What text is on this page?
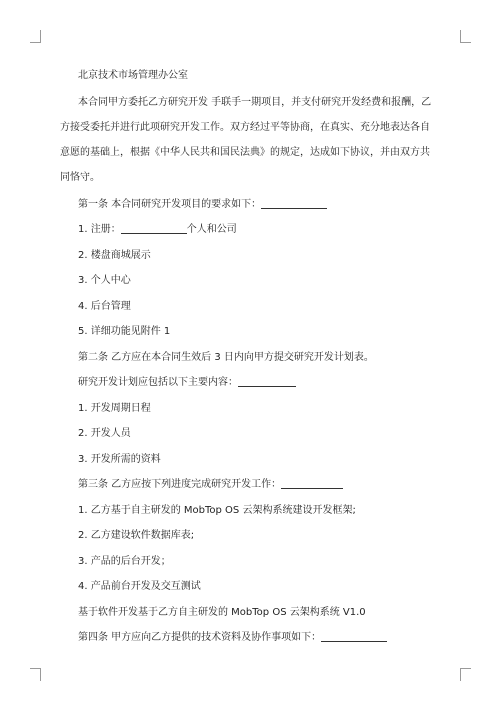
北京技术市场管理办公室
本合同甲方委托乙方研究开发 手联手一期项目，并支付研究开发经费和报酬，乙
方接受委托并进行此项研究开发工作。双方经过平等协商，在真实、充分地表达各自
意愿的基础上，根据《中华人民共和国民法典》的规定，达成如下协议，并由双方共
同恪守。
第一条 本合同研究开发项目的要求如下：
1. 注册：	个人和公司
2. 楼盘商城展示
3. 个人中心
4. 后台管理
5. 详细功能见附件 1
第二条 乙方应在本合同生效后 3 日内向甲方提交研究开发计划表。
研究开发计划应包括以下主要内容：
1. 开发周期日程
2. 开发人员
3. 开发所需的资料
第三条 乙方应按下列进度完成研究开发工作：
1. 乙方基于自主研发的 MobTop OS 云架构系统建设开发框架;
2. 乙方建设软件数据库表;
3. 产品的后台开发；
4. 产品前台开发及交互测试
基于软件开发基于乙方自主研发的 MobTop OS 云架构系统 V1.0
第四条 甲方应向乙方提供的技术资料及协作事项如下：
